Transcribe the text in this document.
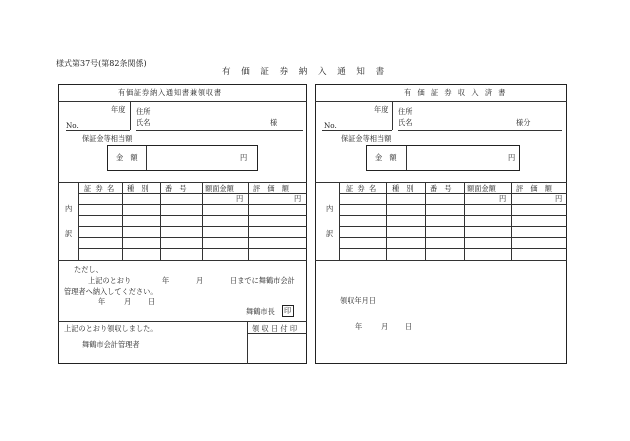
様式第37号(第82条関係)
有 価 証 券 納 入 通 知 書
有価証券納入通知書兼領収書
年度
No.
住所
氏名	様
保証金等相当額
金　額	円
内
訳
証 券 名 種　別 番　号	額面金額	評　価　額
円	円
ただし、
上記のとおり	年	月	日までに舞鶴市会計
管理者へ納入してください。
年	月 日
舞鶴市長 印
上記のとおり領収しました。
舞鶴市会計管理者
領 収 日 付 印
有 価 証 券 収 入 済 書
年度
No.
住所
氏名	様分
保証金等相当額
金　額	円
内
訳
証 券 名 種　別 番　号 額面金額	評　価　額
円	円
領収年月日
年	月 日
